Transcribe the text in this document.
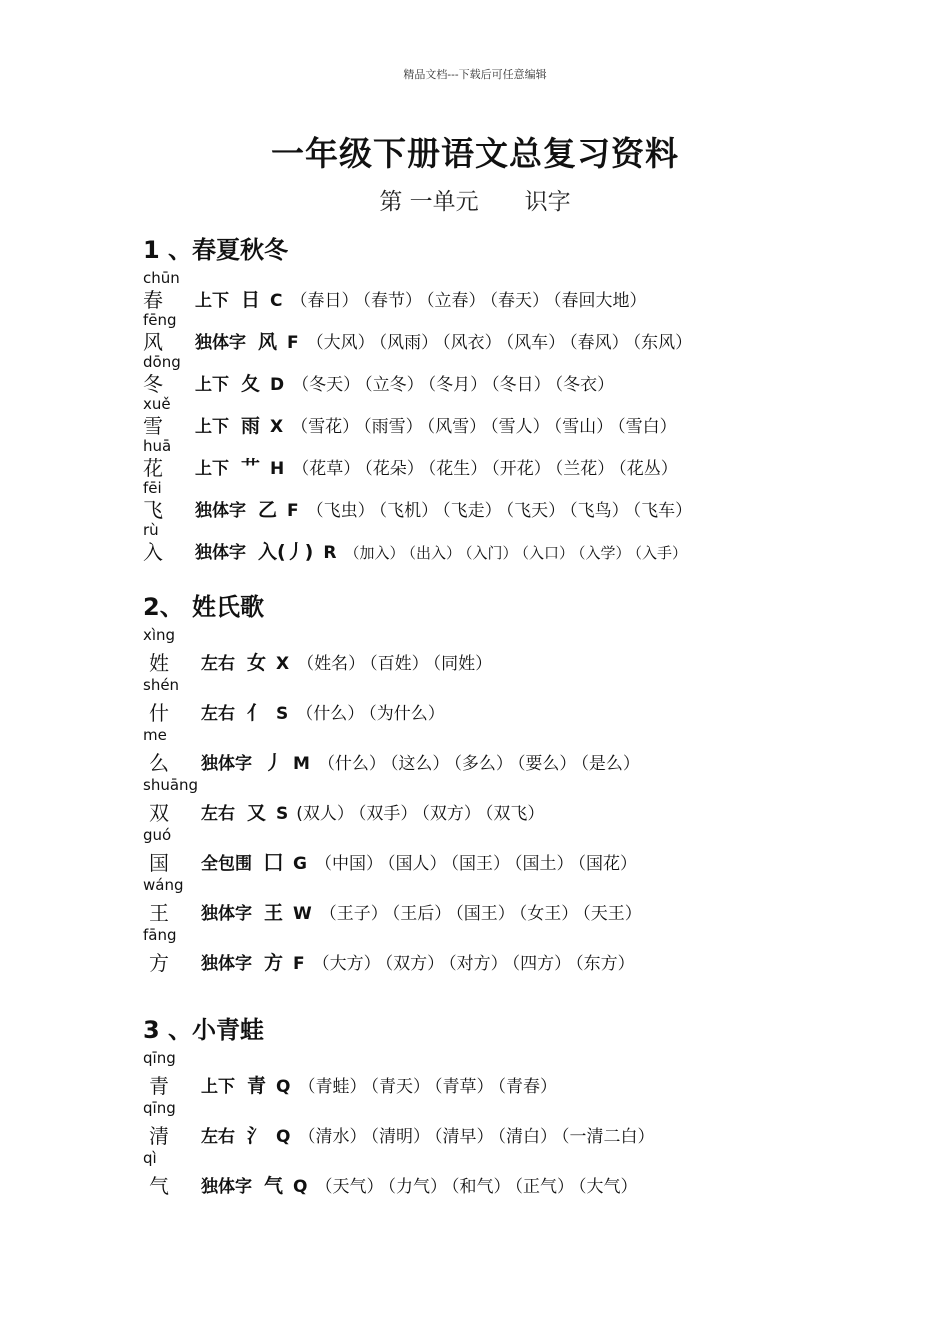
精品文档---下载后可任意编辑
一年级下册语文总复习资料
第 一单元 识字
1 、春夏秋冬
chūn
春 上下 日 C （春日） （春节） （立春） （春天） （春回大地）
fēng
风 独体字 风 F （大风） （风雨） （风衣） （风车） （春风） （东风）
dōng
冬 上下 夂 D （冬天） （立冬） （冬月） （冬日） （冬衣）
xuě
雪 上下 雨 X （雪花） （雨雪） （风雪） （雪人） （雪山） （雪白）
huā
花 上下 艹 H （花草） （花朵） （花生） （开花） （兰花） （花丛）
fēi
飞 独体字 乙 F （飞虫） （飞机） （飞走） （飞天） （飞鸟） （飞车）
rù
入 独体字 入(丿) R （加入） （出入） （入门） （入口） （入学） （入手）
2、 姓氏歌
xìng
姓 左右 女 X （姓名） （百姓） （同姓）
shén
什 左右 亻 S （什么） （为什么）
me
么 独体字 丿 M （什么） （这么） （多么） （要么） （是么）
shuāng
双 左右 又 S (双人） （双手） （双方） （双飞）
guó
国 全包围 囗 G （中国） （国人） （国王） （国土） （国花）
wáng
王 独体字 王 W （王子） （王后） （国王） （女王） （天王）
fāng
方 独体字 方 F （大方） （双方） （对方） （四方） （东方）
3 、小青蛙
qīng
青 上下 青 Q （青蛙） （青天） （青草） （青春）
qīng
清 左右 氵 Q （清水） （清明） （清早） （清白） （一清二白）
qì
气 独体字 气 Q （天气） （力气） （和气） （正气） （大气）
